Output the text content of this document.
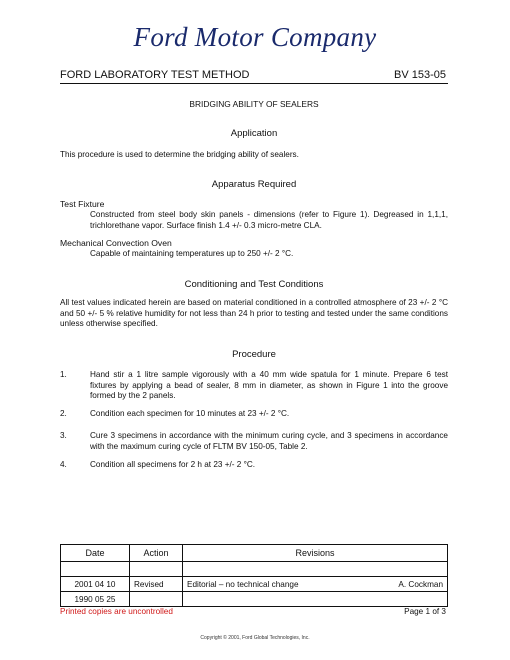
Ford Motor Company
FORD LABORATORY TEST METHOD	BV 153-05
BRIDGING ABILITY OF SEALERS
Application
This procedure is used to determine the bridging ability of sealers.
Apparatus Required
Test Fixture
Constructed from steel body skin panels - dimensions (refer to Figure 1). Degreased in 1,1,1, trichlorethane vapor. Surface finish 1.4 +/- 0.3 micro-metre CLA.
Mechanical Convection Oven
Capable of maintaining temperatures up to 250 +/- 2 °C.
Conditioning and Test Conditions
All test values indicated herein are based on material conditioned in a controlled atmosphere of 23 +/- 2 °C and 50 +/- 5 % relative humidity for not less than 24 h prior to testing and tested under the same conditions unless otherwise specified.
Procedure
1.	Hand stir a 1 litre sample vigorously with a 40 mm wide spatula for 1 minute. Prepare 6 test fixtures by applying a bead of sealer, 8 mm in diameter, as shown in Figure 1 into the groove formed by the 2 panels.
2.	Condition each specimen for 10 minutes at 23 +/- 2 °C.
3.	Cure 3 specimens in accordance with the minimum curing cycle, and 3 specimens in accordance with the maximum curing cycle of FLTM BV 150-05, Table 2.
4.	Condition all specimens for 2 h at 23 +/- 2 °C.
Date	Action	Revisions

2001 04 10	Revised	Editorial – no technical change A. Cockman

1990 05 25		
Printed copies are uncontrolled	Page 1 of 3
Copyright © 2001, Ford Global Technologies, Inc.
